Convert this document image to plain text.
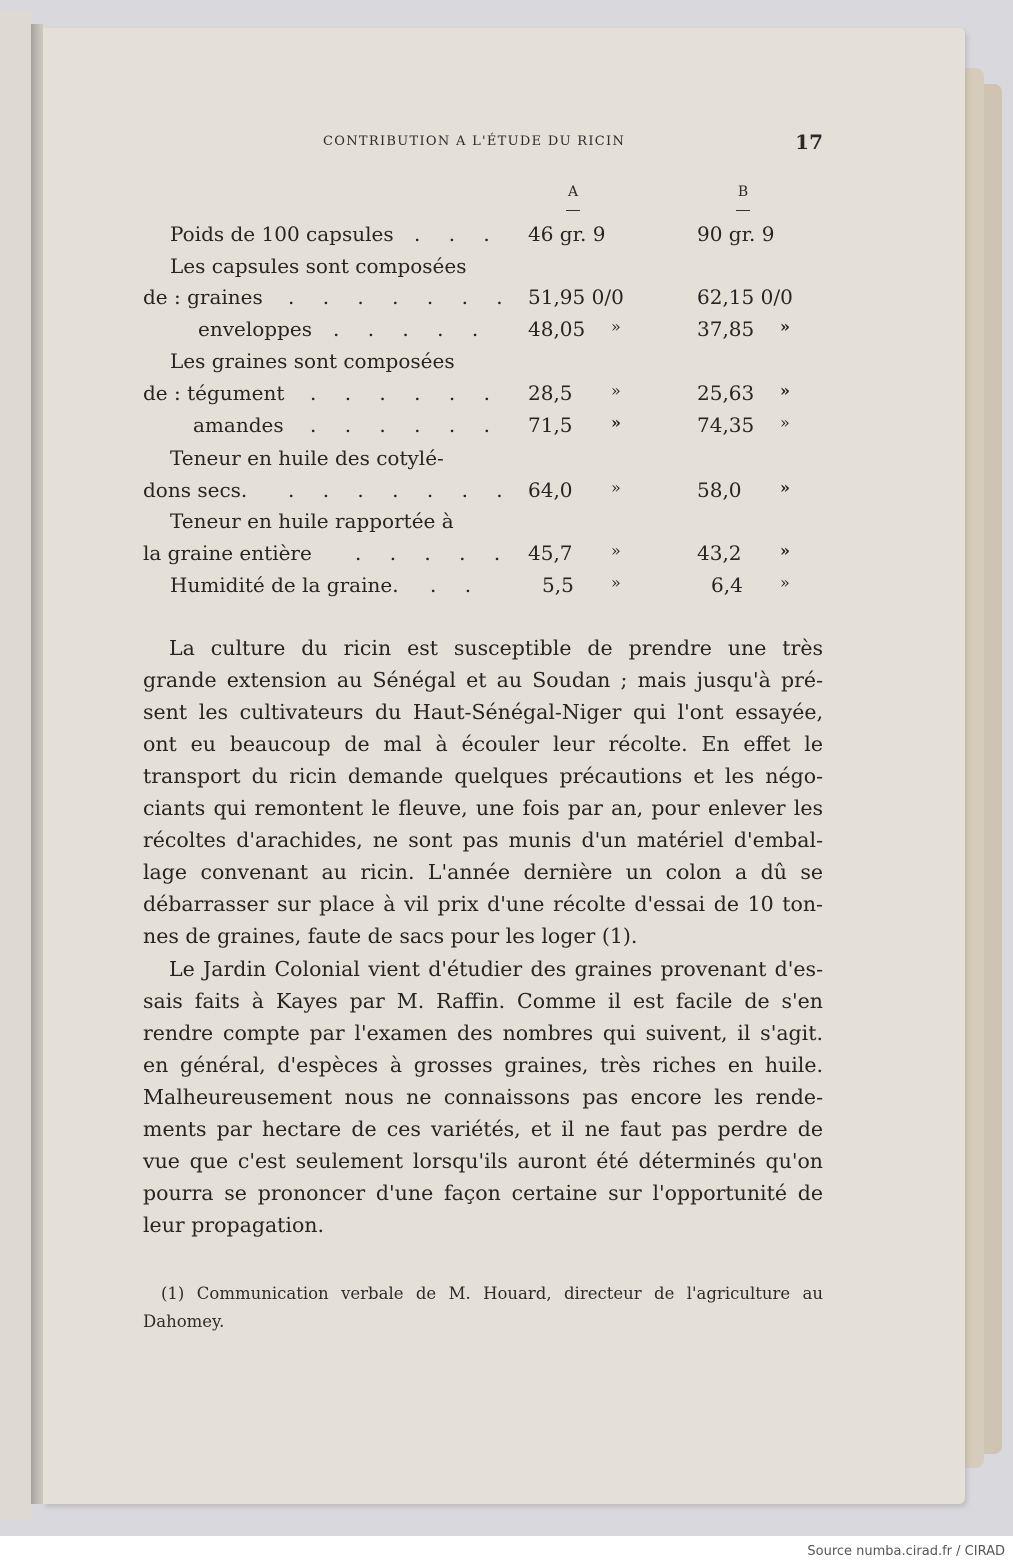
CONTRIBUTION A L'ÉTUDE DU RICIN	17
A	B
Poids de 100 capsules . . . 46 gr. 9	90 gr. 9
Les capsules sont composées
de : graines . . . . . . . 51,95 0/0	62,15 0/0
enveloppes . . . . . 48,05 »	37,85 »
Les graines sont composées
de : tégument . . . . . . 28,5 »	25,63 »
amandes . . . . . . 71,5 »	74,35 »
Teneur en huile des cotylé-
dons secs. . . . . . . . 64,0 »	58,0 »
Teneur en huile rapportée à
la graine entière . . . . . 45,7 »	43,2 »
Humidité de la graine. . .	5,5 »	6,4 »
La culture du ricin est susceptible de prendre une très
grande extension au Sénégal et au Soudan ; mais jusqu'à pré-
sent les cultivateurs du Haut-Sénégal-Niger qui l'ont essayée,
ont eu beaucoup de mal à écouler leur récolte. En effet le
transport du ricin demande quelques précautions et les négo-
ciants qui remontent le fleuve, une fois par an, pour enlever les
récoltes d'arachides, ne sont pas munis d'un matériel d'embal-
lage convenant au ricin. L'année dernière un colon a dû se
débarrasser sur place à vil prix d'une récolte d'essai de 10 ton-
nes de graines, faute de sacs pour les loger (1).
Le Jardin Colonial vient d'étudier des graines provenant d'es-
sais faits à Kayes par M. Raffin. Comme il est facile de s'en
rendre compte par l'examen des nombres qui suivent, il s'agit.
en général, d'espèces à grosses graines, très riches en huile.
Malheureusement nous ne connaissons pas encore les rende-
ments par hectare de ces variétés, et il ne faut pas perdre de
vue que c'est seulement lorsqu'ils auront été déterminés qu'on
pourra se prononcer d'une façon certaine sur l'opportunité de
leur propagation.
(1) Communication verbale de M. Houard, directeur de l'agriculture au
Dahomey.
Source numba.cirad.fr / CIRAD
